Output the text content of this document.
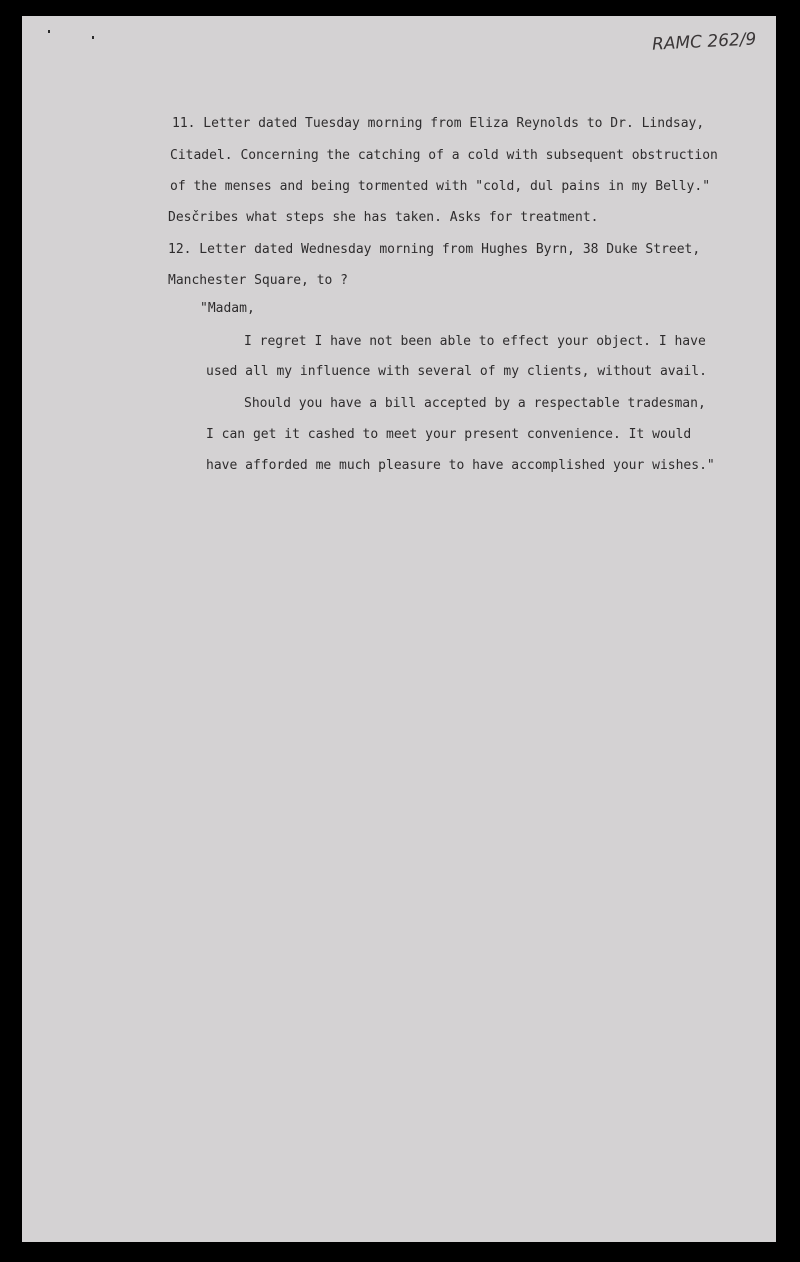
RAMC 262/9

11. Letter dated Tuesday morning from Eliza Reynolds to Dr. Lindsay,

Citadel. Concerning the catching of a cold with subsequent obstruction

of the menses and being tormented with "cold, dul pains in my Belly."

Desčribes what steps she has taken. Asks for treatment.

12. Letter dated Wednesday morning from Hughes Byrn, 38 Duke Street,

Manchester Square, to ?

"Madam,

I regret I have not been able to effect your object. I have

used all my influence with several of my clients, without avail.

Should you have a bill accepted by a respectable tradesman,

I can get it cashed to meet your present convenience. It would

have afforded me much pleasure to have accomplished your wishes."
